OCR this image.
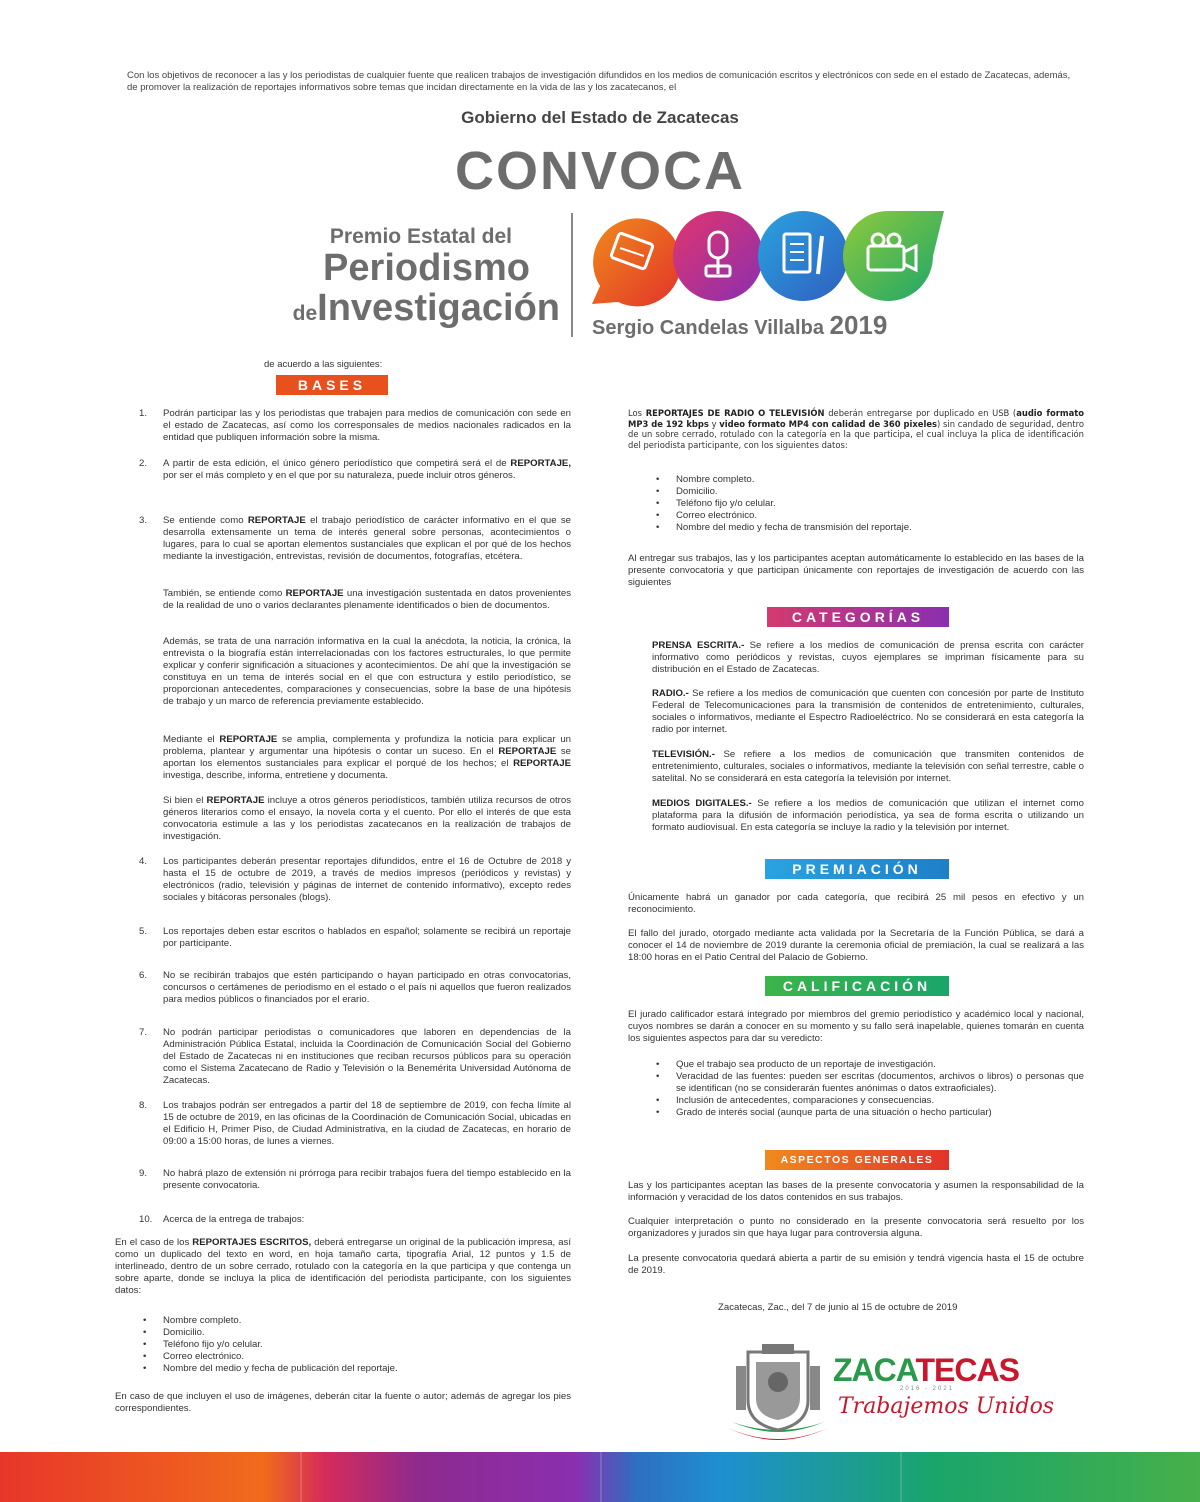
Con los objetivos de reconocer a las y los periodistas de cualquier fuente que realicen trabajos de investigación difundidos en los medios de comunicación escritos y electrónicos con sede en el estado de Zacatecas, además, de promover la realización de reportajes informativos sobre temas que incidan directamente en la vida de las y los zacatecanos, el
Gobierno del Estado de Zacatecas
CONVOCA
Premio Estatal del
Periodismo
deInvestigación Sergio Candelas Villalba 2019
de acuerdo a las siguientes:
BASES
1. Podrán participar las y los periodistas que trabajen para medios de comunicación con sede en el estado de Zacatecas, así como los corresponsales de medios nacionales radicados en la entidad que publiquen información sobre la misma.
2. A partir de esta edición, el único género periodístico que competirá será el de REPORTAJE, por ser el más completo y en el que por su naturaleza, puede incluir otros géneros.
3. Se entiende como REPORTAJE el trabajo periodístico de carácter informativo en el que se desarrolla extensamente un tema de interés general sobre personas, acontecimientos o lugares, para lo cual se aportan elementos sustanciales que explican el por qué de los hechos mediante la investigación, entrevistas, revisión de documentos, fotografías, etcétera.
También, se entiende como REPORTAJE una investigación sustentada en datos provenientes de la realidad de uno o varios declarantes plenamente identificados o bien de documentos.
Además, se trata de una narración informativa en la cual la anécdota, la noticia, la crónica, la entrevista o la biografía están interrelacionadas con los factores estructurales, lo que permite explicar y conferir significación a situaciones y acontecimientos. De ahí que la investigación se constituya en un tema de interés social en el que con estructura y estilo periodístico, se proporcionan antecedentes, comparaciones y consecuencias, sobre la base de una hipótesis de trabajo y un marco de referencia previamente establecido.
Mediante el REPORTAJE se amplia, complementa y profundiza la noticia para explicar un problema, plantear y argumentar una hipótesis o contar un suceso. En el REPORTAJE se aportan los elementos sustanciales para explicar el porqué de los hechos; el REPORTAJE investiga, describe, informa, entretiene y documenta.
Si bien el REPORTAJE incluye a otros géneros periodísticos, también utiliza recursos de otros géneros literarios como el ensayo, la novela corta y el cuento. Por ello el interés de que esta convocatoria estimule a las y los periodistas zacatecanos en la realización de trabajos de investigación.
4. Los participantes deberán presentar reportajes difundidos, entre el 16 de Octubre de 2018 y hasta el 15 de octubre de 2019, a través de medios impresos (periódicos y revistas) y electrónicos (radio, televisión y páginas de internet de contenido informativo), excepto redes sociales y bitácoras personales (blogs).
5. Los reportajes deben estar escritos o hablados en español; solamente se recibirá un reportaje por participante.
6. No se recibirán trabajos que estén participando o hayan participado en otras convocatorias, concursos o certámenes de periodismo en el estado o el país ni aquellos que fueron realizados para medios públicos o financiados por el erario.
7. No podrán participar periodistas o comunicadores que laboren en dependencias de la Administración Pública Estatal, incluida la Coordinación de Comunicación Social del Gobierno del Estado de Zacatecas ni en instituciones que reciban recursos públicos para su operación como el Sistema Zacatecano de Radio y Televisión o la Benemérita Universidad Autónoma de Zacatecas.
8. Los trabajos podrán ser entregados a partir del 18 de septiembre de 2019, con fecha límite al 15 de octubre de 2019, en las oficinas de la Coordinación de Comunicación Social, ubicadas en el Edificio H, Primer Piso, de Ciudad Administrativa, en la ciudad de Zacatecas, en horario de 09:00 a 15:00 horas, de lunes a viernes.
9. No habrá plazo de extensión ni prórroga para recibir trabajos fuera del tiempo establecido en la presente convocatoria.
10. Acerca de la entrega de trabajos:
En el caso de los REPORTAJES ESCRITOS, deberá entregarse un original de la publicación impresa, así como un duplicado del texto en word, en hoja tamaño carta, tipografía Arial, 12 puntos y 1.5 de interlineado, dentro de un sobre cerrado, rotulado con la categoría en la que participa y que contenga un sobre aparte, donde se incluya la plica de identificación del periodista participante, con los siguientes datos:
• Nombre completo.
• Domicilio.
• Teléfono fijo y/o celular.
• Correo electrónico.
• Nombre del medio y fecha de publicación del reportaje.
En caso de que incluyen el uso de imágenes, deberán citar la fuente o autor; además de agregar los pies correspondientes.
Los REPORTAJES DE RADIO O TELEVISIÓN deberán entregarse por duplicado en USB (audio formato MP3 de 192 kbps y video formato MP4 con calidad de 360 pixeles) sin candado de seguridad, dentro de un sobre cerrado, rotulado con la categoría en la que participa, el cual incluya la plica de identificación del periodista participante, con los siguientes datos:
• Nombre completo.
• Domicilio.
• Teléfono fijo y/o celular.
• Correo electrónico.
• Nombre del medio y fecha de transmisión del reportaje.
Al entregar sus trabajos, las y los participantes aceptan automáticamente lo establecido en las bases de la presente convocatoria y que participan únicamente con reportajes de investigación de acuerdo con las siguientes
CATEGORÍAS
PRENSA ESCRITA.- Se refiere a los medios de comunicación de prensa escrita con carácter informativo como periódicos y revistas, cuyos ejemplares se impriman físicamente para su distribución en el Estado de Zacatecas.
RADIO.- Se refiere a los medios de comunicación que cuenten con concesión por parte de Instituto Federal de Telecomunicaciones para la transmisión de contenidos de entretenimiento, culturales, sociales o informativos, mediante el Espectro Radioeléctrico. No se considerará en esta categoría la radio por internet.
TELEVISIÓN.- Se refiere a los medios de comunicación que transmiten contenidos de entretenimiento, culturales, sociales o informativos, mediante la televisión con señal terrestre, cable o satelital. No se considerará en esta categoría la televisión por internet.
MEDIOS DIGITALES.- Se refiere a los medios de comunicación que utilizan el internet como plataforma para la difusión de información periodística, ya sea de forma escrita o utilizando un formato audiovisual. En esta categoría se incluye la radio y la televisión por internet.
PREMIACIÓN
Únicamente habrá un ganador por cada categoría, que recibirá 25 mil pesos en efectivo y un reconocimiento.
El fallo del jurado, otorgado mediante acta validada por la Secretaría de la Función Pública, se dará a conocer el 14 de noviembre de 2019 durante la ceremonia oficial de premiación, la cual se realizará a las 18:00 horas en el Patio Central del Palacio de Gobierno.
CALIFICACIÓN
El jurado calificador estará integrado por miembros del gremio periodístico y académico local y nacional, cuyos nombres se darán a conocer en su momento y su fallo será inapelable, quienes tomarán en cuenta los siguientes aspectos para dar su veredicto:
• Que el trabajo sea producto de un reportaje de investigación.
• Veracidad de las fuentes: pueden ser escritas (documentos, archivos o libros) o personas que se identifican (no se considerarán fuentes anónimas o datos extraoficiales).
• Inclusión de antecedentes, comparaciones y consecuencias.
• Grado de interés social (aunque parta de una situación o hecho particular)
ASPECTOS GENERALES
Las y los participantes aceptan las bases de la presente convocatoria y asumen la responsabilidad de la información y veracidad de los datos contenidos en sus trabajos.
Cualquier interpretación o punto no considerado en la presente convocatoria será resuelto por los organizadores y jurados sin que haya lugar para controversia alguna.
La presente convocatoria quedará abierta a partir de su emisión y tendrá vigencia hasta el 15 de octubre de 2019.
Zacatecas, Zac., del 7 de junio al 15 de octubre de 2019
ZACATECAS
2016 - 2021
Trabajemos Unidos
